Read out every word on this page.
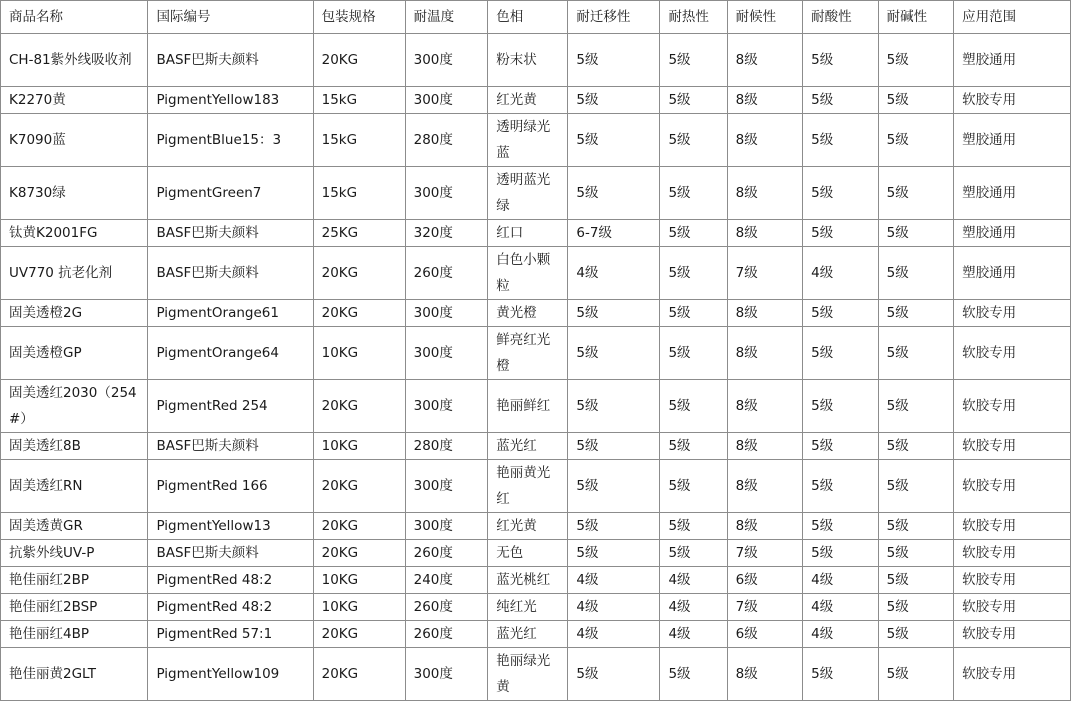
商品名称	国际编号	包装规格	耐温度	色相	耐迁移性	耐热性	耐候性	耐酸性	耐碱性	应用范围
CH-81紫外线吸收剂	BASF巴斯夫颜料	20KG	300度	粉末状	5级	5级	8级	5级	5级	塑胶通用
K2270黄	PigmentYellow183	15kG	300度	红光黄	5级	5级	8级	5级	5级	软胶专用
K7090蓝	PigmentBlue15：3	15kG	280度	透明绿光蓝	5级	5级	8级	5级	5级	塑胶通用
K8730绿	PigmentGreen7	15kG	300度	透明蓝光绿	5级	5级	8级	5级	5级	塑胶通用
钛黄K2001FG	BASF巴斯夫颜料	25KG	320度	红口	6-7级	5级	8级	5级	5级	塑胶通用
UV770 抗老化剂	BASF巴斯夫颜料	20KG	260度	白色小颗粒	4级	5级	7级	4级	5级	塑胶通用
固美透橙2G	PigmentOrange61	20KG	300度	黄光橙	5级	5级	8级	5级	5级	软胶专用
固美透橙GP	PigmentOrange64	10KG	300度	鲜亮红光橙	5级	5级	8级	5级	5级	软胶专用
固美透红2030（254#）	PigmentRed 254	20KG	300度	艳丽鲜红	5级	5级	8级	5级	5级	软胶专用
固美透红8B	BASF巴斯夫颜料	10KG	280度	蓝光红	5级	5级	8级	5级	5级	软胶专用
固美透红RN	PigmentRed 166	20KG	300度	艳丽黄光红	5级	5级	8级	5级	5级	软胶专用
固美透黄GR	PigmentYellow13	20KG	300度	红光黄	5级	5级	8级	5级	5级	软胶专用
抗紫外线UV-P	BASF巴斯夫颜料	20KG	260度	无色	5级	5级	7级	5级	5级	软胶专用
艳佳丽红2BP	PigmentRed 48:2	10KG	240度	蓝光桃红	4级	4级	6级	4级	5级	软胶专用
艳佳丽红2BSP	PigmentRed 48:2	10KG	260度	纯红光	4级	4级	7级	4级	5级	软胶专用
艳佳丽红4BP	PigmentRed 57:1	20KG	260度	蓝光红	4级	4级	6级	4级	5级	软胶专用
艳佳丽黄2GLT	PigmentYellow109	20KG	300度	艳丽绿光黄	5级	5级	8级	5级	5级	软胶专用
